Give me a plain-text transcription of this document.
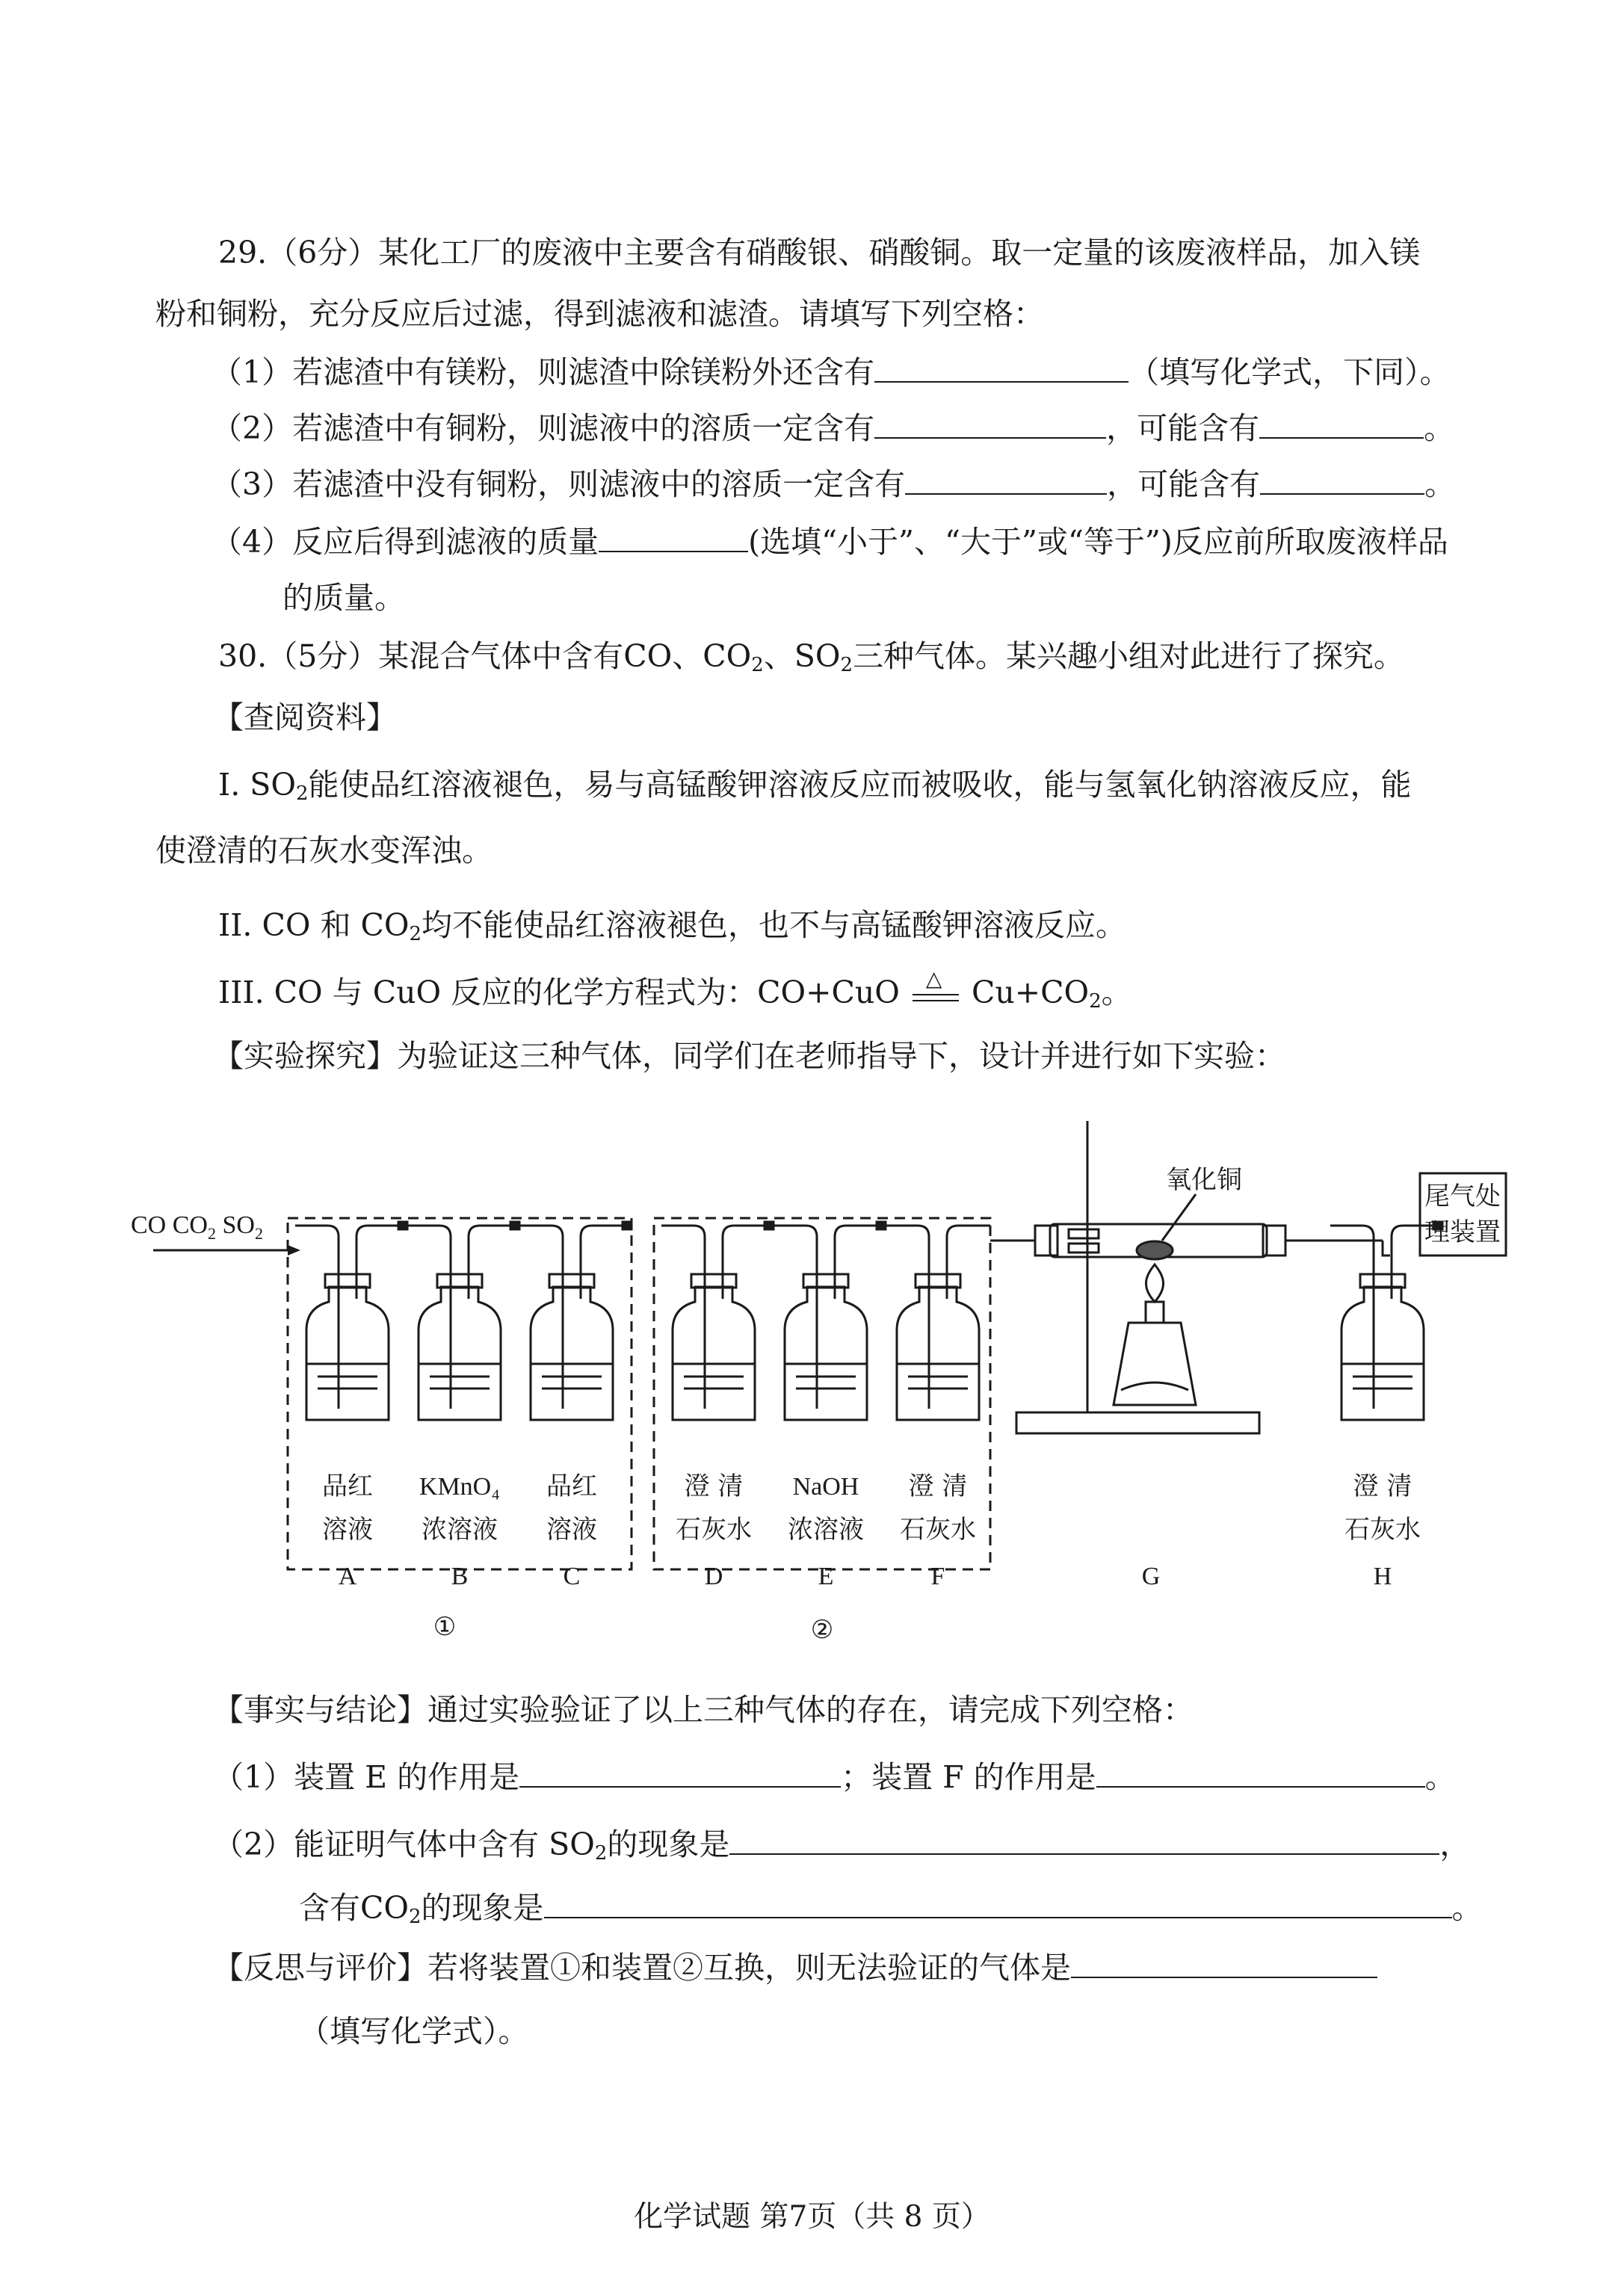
29.（6分）某化工厂的废液中主要含有硝酸银、硝酸铜。取一定量的该废液样品，加入镁
粉和铜粉，充分反应后过滤，得到滤液和滤渣。请填写下列空格：
（1）若滤渣中有镁粉，则滤渣中除镁粉外还含有	（填写化学式，下同）。
（2）若滤渣中有铜粉，则滤液中的溶质一定含有	，可能含有	。
（3）若滤渣中没有铜粉，则滤液中的溶质一定含有	，可能含有	。
（4）反应后得到滤液的质量	(选填“小于”、“大于”或“等于”)反应前所取废液样品
的质量。
30.（5分）某混合气体中含有CO、$CO_2$、$SO_2$三种气体。某兴趣小组对此进行了探究。
【查阅资料】
I. $SO_2$能使品红溶液褪色，易与高锰酸钾溶液反应而被吸收，能与氢氧化钠溶液反应，能
使澄清的石灰水变浑浊。
II. CO 和 $CO_2$均不能使品红溶液褪色，也不与高锰酸钾溶液反应。
III. CO 与 CuO 反应的化学方程式为：CO+CuO △ $Cu+CO_2$。
【实验探究】为验证这三种气体，同学们在老师指导下，设计并进行如下实验：
CO $CO_2$ $SO_2$
尾气处
理装置
氧化铜
品红
溶液
A
KMnO₄
浓溶液
B
品红
溶液
C
澄 清
石灰水
D
NaOH
浓溶液
E
澄 清
石灰水
F	G
澄 清
石灰水
H
①	②
【事实与结论】通过实验验证了以上三种气体的存在，请完成下列空格：
（1）装置 E 的作用是	；装置 F 的作用是	。
（2）能证明气体中含有 $SO_2$的现象是	，
含有$CO_2$的现象是	。
【反思与评价】若将装置①和装置②互换，则无法验证的气体是
（填写化学式）。
化学试题 第7页（共 8 页）
